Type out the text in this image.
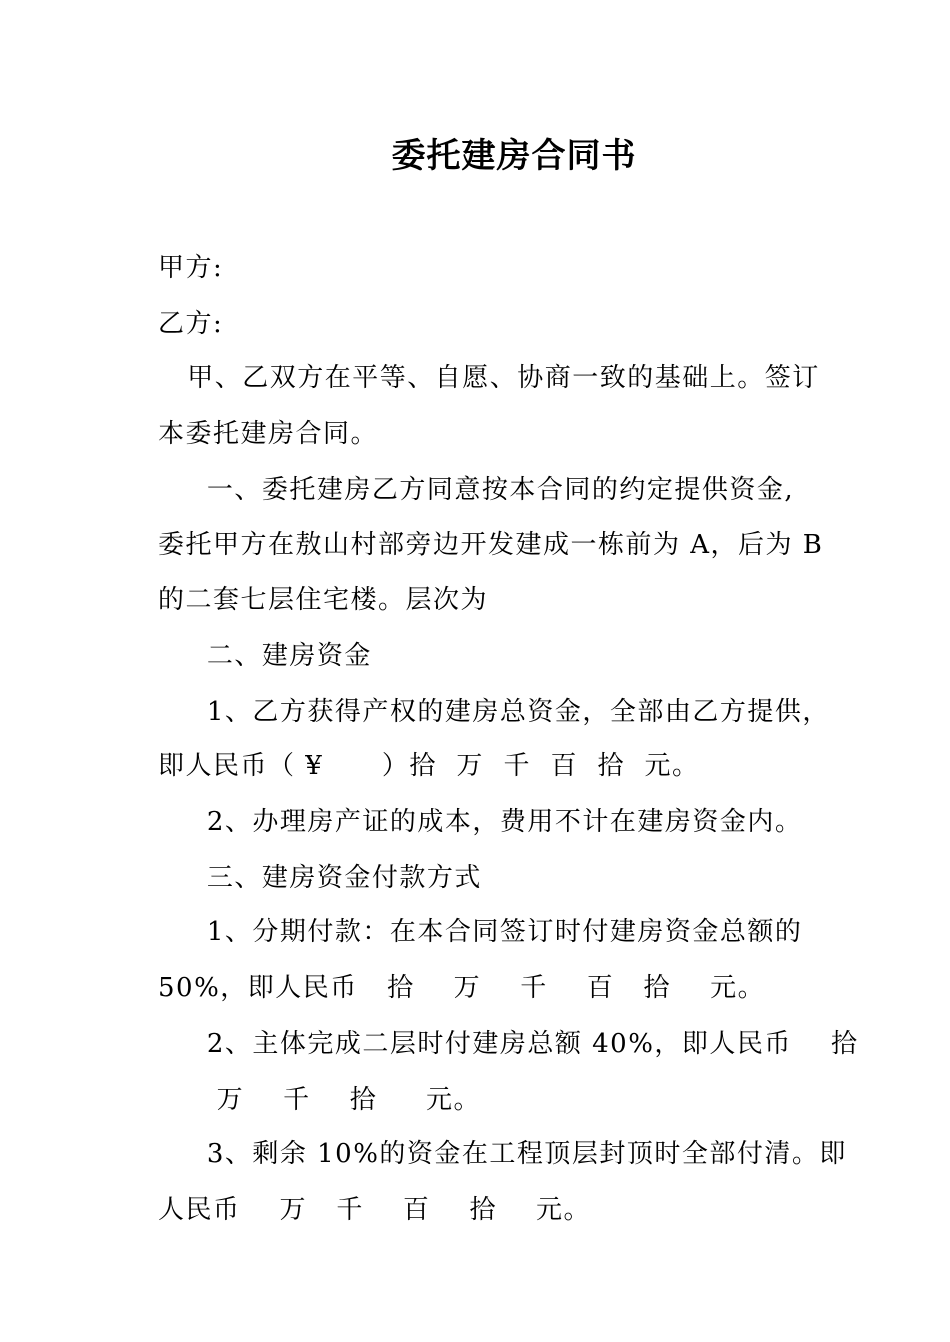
委托建房合同书
甲方:
乙方:
甲、乙双方在平等、自愿、协商一致的基础上。签订
本委托建房合同。
一、委托建房乙方同意按本合同的约定提供资金,
委托甲方在敖山村部旁边开发建成一栋前为 A，后为 B
的二套七层住宅楼。层次为
二、建房资金
1、乙方获得产权的建房总资金，全部由乙方提供，
即人民币（ ¥      ）拾  万  千  百  拾  元。
2、办理房产证的成本，费用不计在建房资金内。
三、建房资金付款方式
1、分期付款：在本合同签订时付建房资金总额的
50%，即人民币   拾    万    千    百   拾    元。
2、主体完成二层时付建房总额 40%，即人民币    拾
万    千    拾     元。
3、剩余 10%的资金在工程顶层封顶时全部付清。即
人民币    万   千    百    拾    元。
